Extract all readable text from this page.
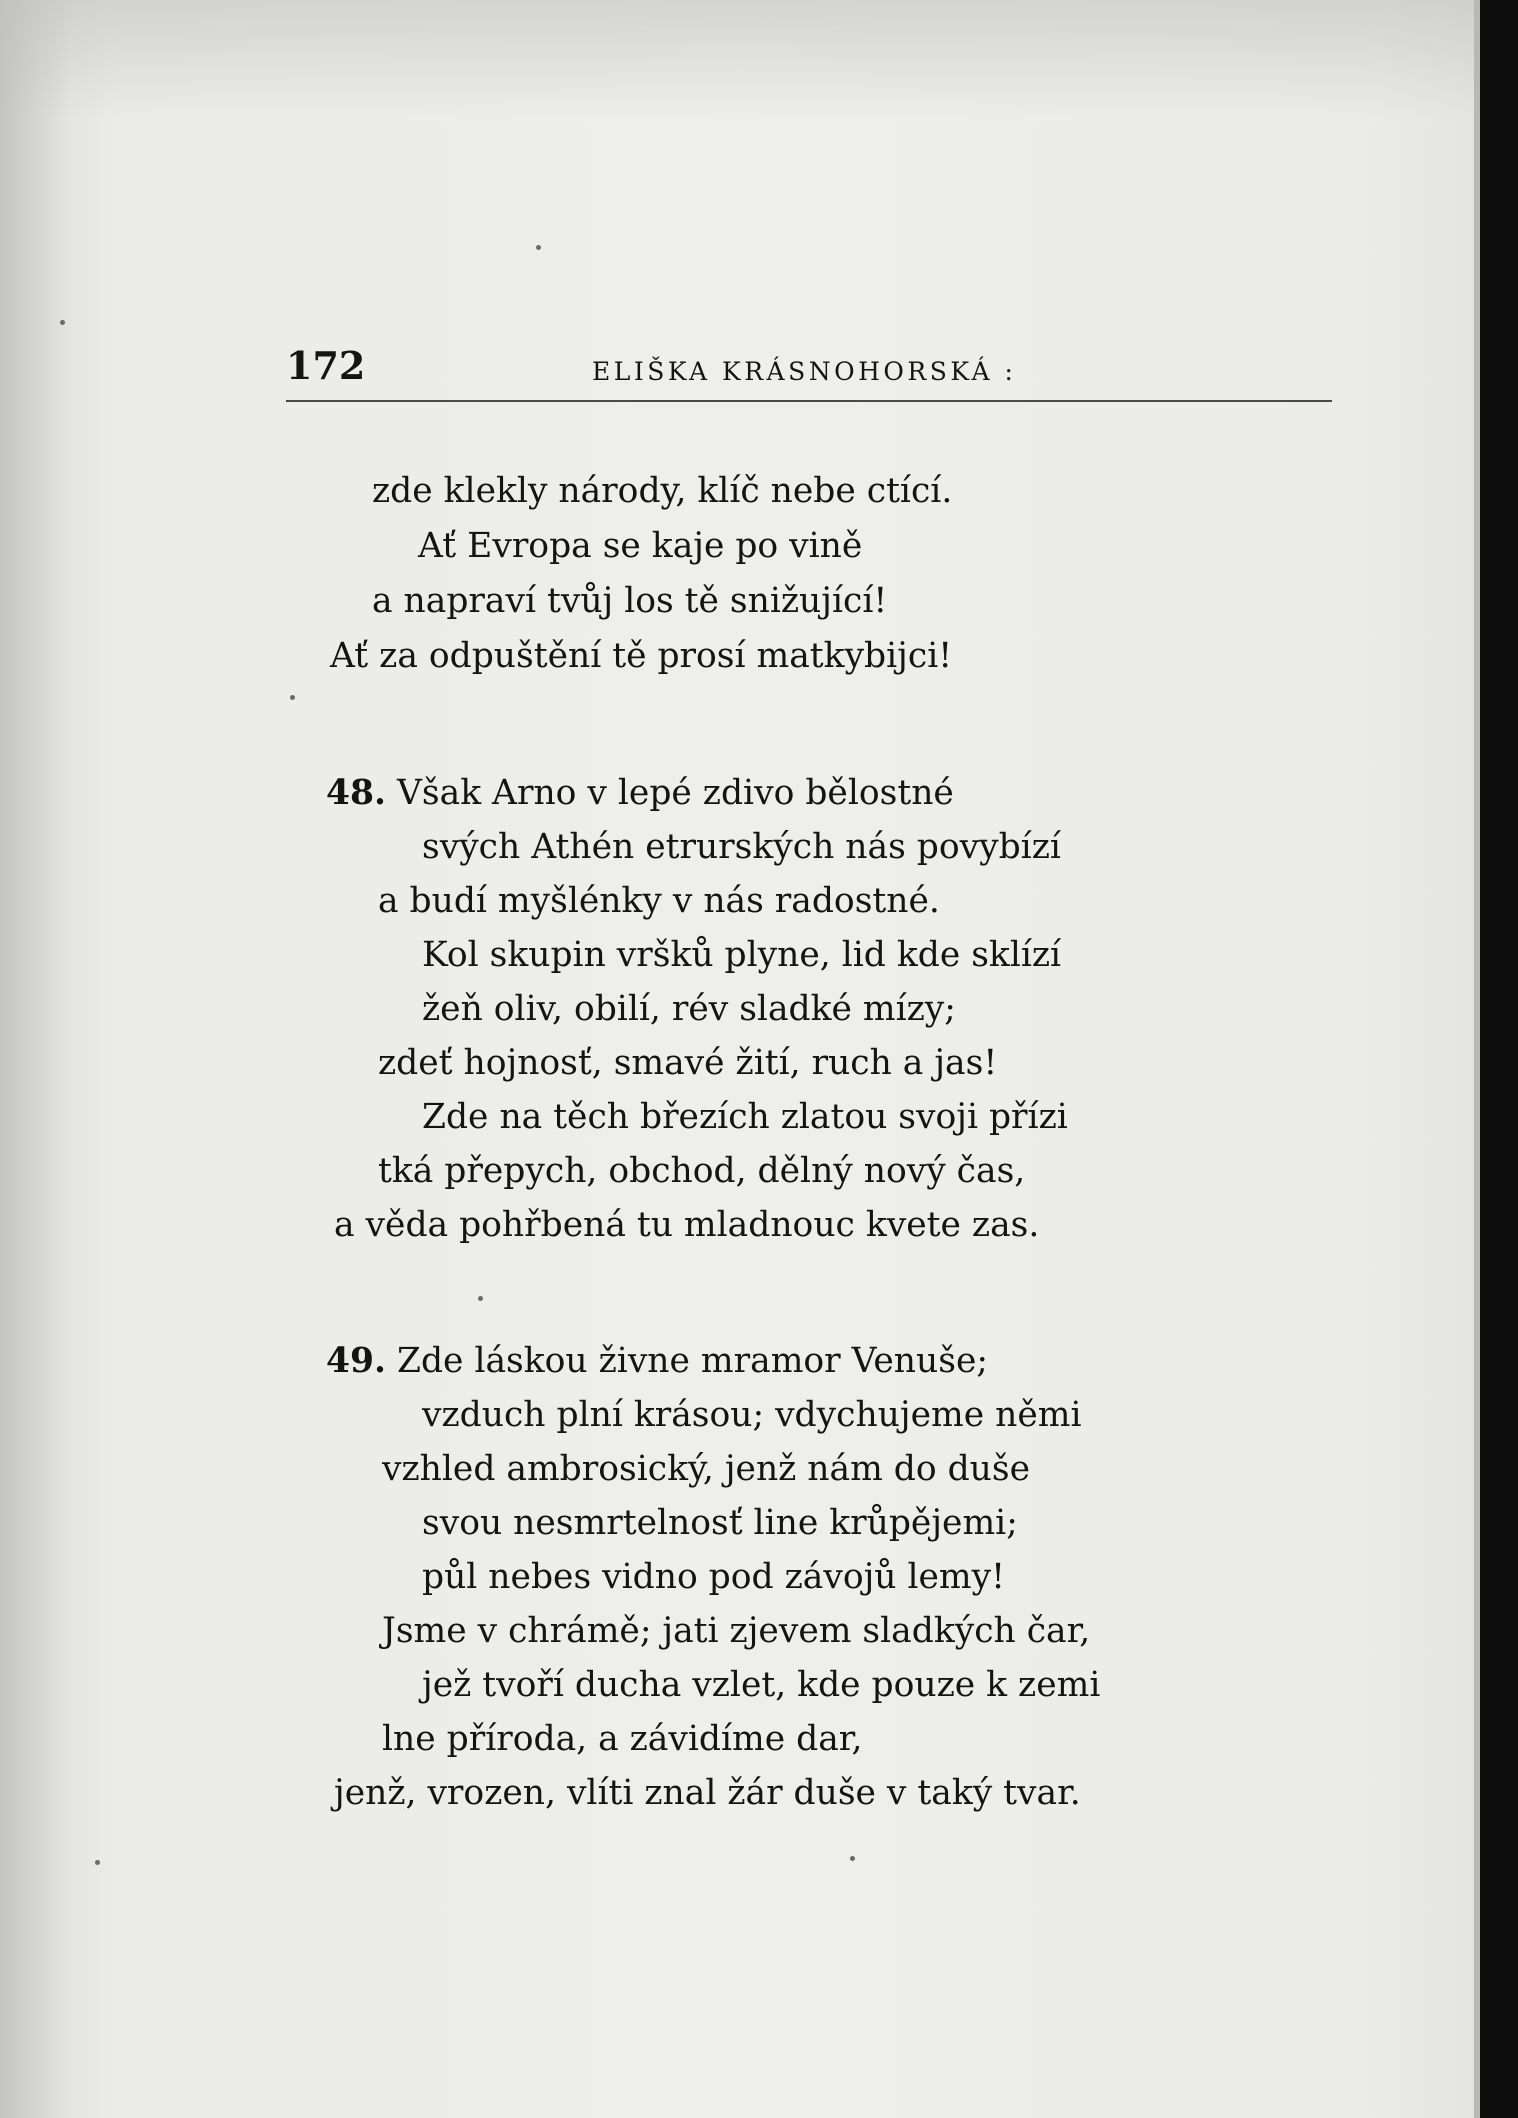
172	ELIŠKA KRÁSNOHORSKÁ :
zde klekly národy, klíč nebe ctící.
Ať Evropa se kaje po vině
a napraví tvůj los tě snižující!
Ať za odpuštění tě prosí matkybijci!
48. Však Arno v lepé zdivo bělostné
svých Athén etrurských nás povybízí
a budí myšlénky v nás radostné.
Kol skupin vršků plyne, lid kde sklízí
žeň oliv, obilí, rév sladké mízy;
zdeť hojnosť, smavé žití, ruch a jas!
Zde na těch březích zlatou svoji přízi
tká přepych, obchod, dělný nový čas,
a věda pohřbená tu mladnouc kvete zas.
49. Zde láskou živne mramor Venuše;
vzduch plní krásou; vdychujeme němi
vzhled ambrosický, jenž nám do duše
svou nesmrtelnosť line krůpějemi;
půl nebes vidno pod závojů lemy!
Jsme v chrámě; jati zjevem sladkých čar,
jež tvoří ducha vzlet, kde pouze k zemi
lne příroda, a závidíme dar,
jenž, vrozen, vlíti znal žár duše v taký tvar.
